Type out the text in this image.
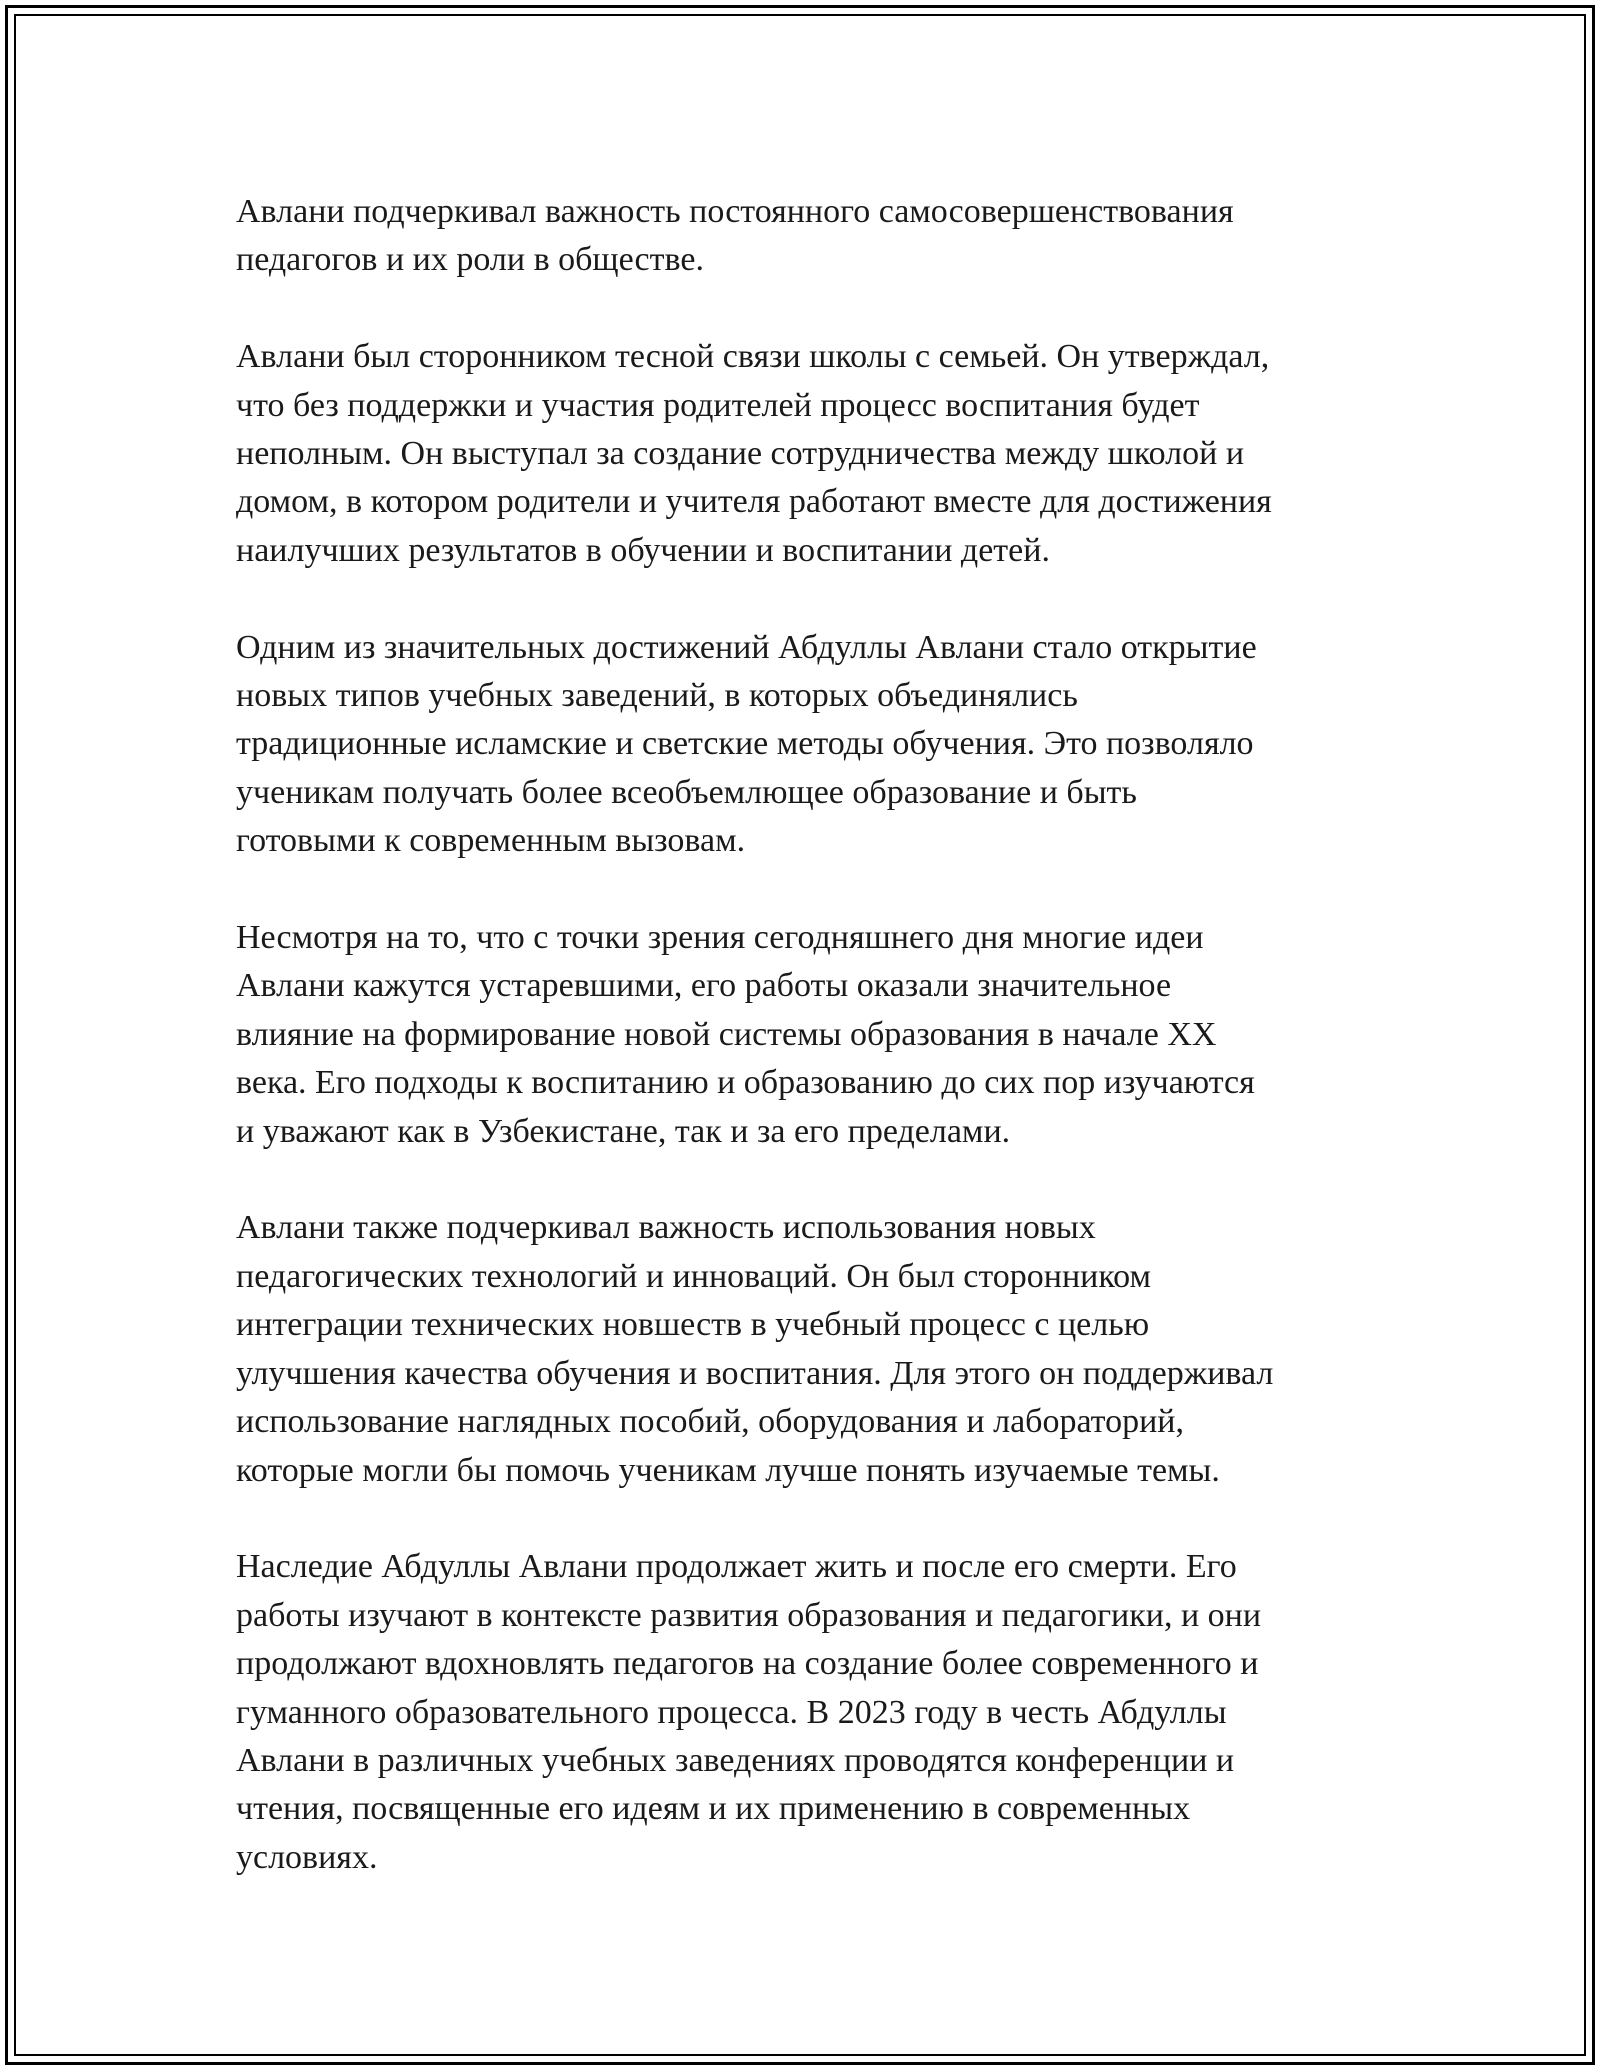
Авлани подчеркивал важность постоянного самосовершенствования
педагогов и их роли в обществе.

Авлани был сторонником тесной связи школы с семьей. Он утверждал,
что без поддержки и участия родителей процесс воспитания будет
неполным. Он выступал за создание сотрудничества между школой и
домом, в котором родители и учителя работают вместе для достижения
наилучших результатов в обучении и воспитании детей.

Одним из значительных достижений Абдуллы Авлани стало открытие
новых типов учебных заведений, в которых объединялись
традиционные исламские и светские методы обучения. Это позволяло
ученикам получать более всеобъемлющее образование и быть
готовыми к современным вызовам.

Несмотря на то, что с точки зрения сегодняшнего дня многие идеи
Авлани кажутся устаревшими, его работы оказали значительное
влияние на формирование новой системы образования в начале XX
века. Его подходы к воспитанию и образованию до сих пор изучаются
и уважают как в Узбекистане, так и за его пределами.

Авлани также подчеркивал важность использования новых
педагогических технологий и инноваций. Он был сторонником
интеграции технических новшеств в учебный процесс с целью
улучшения качества обучения и воспитания. Для этого он поддерживал
использование наглядных пособий, оборудования и лабораторий,
которые могли бы помочь ученикам лучше понять изучаемые темы.

Наследие Абдуллы Авлани продолжает жить и после его смерти. Его
работы изучают в контексте развития образования и педагогики, и они
продолжают вдохновлять педагогов на создание более современного и
гуманного образовательного процесса. В 2023 году в честь Абдуллы
Авлани в различных учебных заведениях проводятся конференции и
чтения, посвященные его идеям и их применению в современных
условиях.
